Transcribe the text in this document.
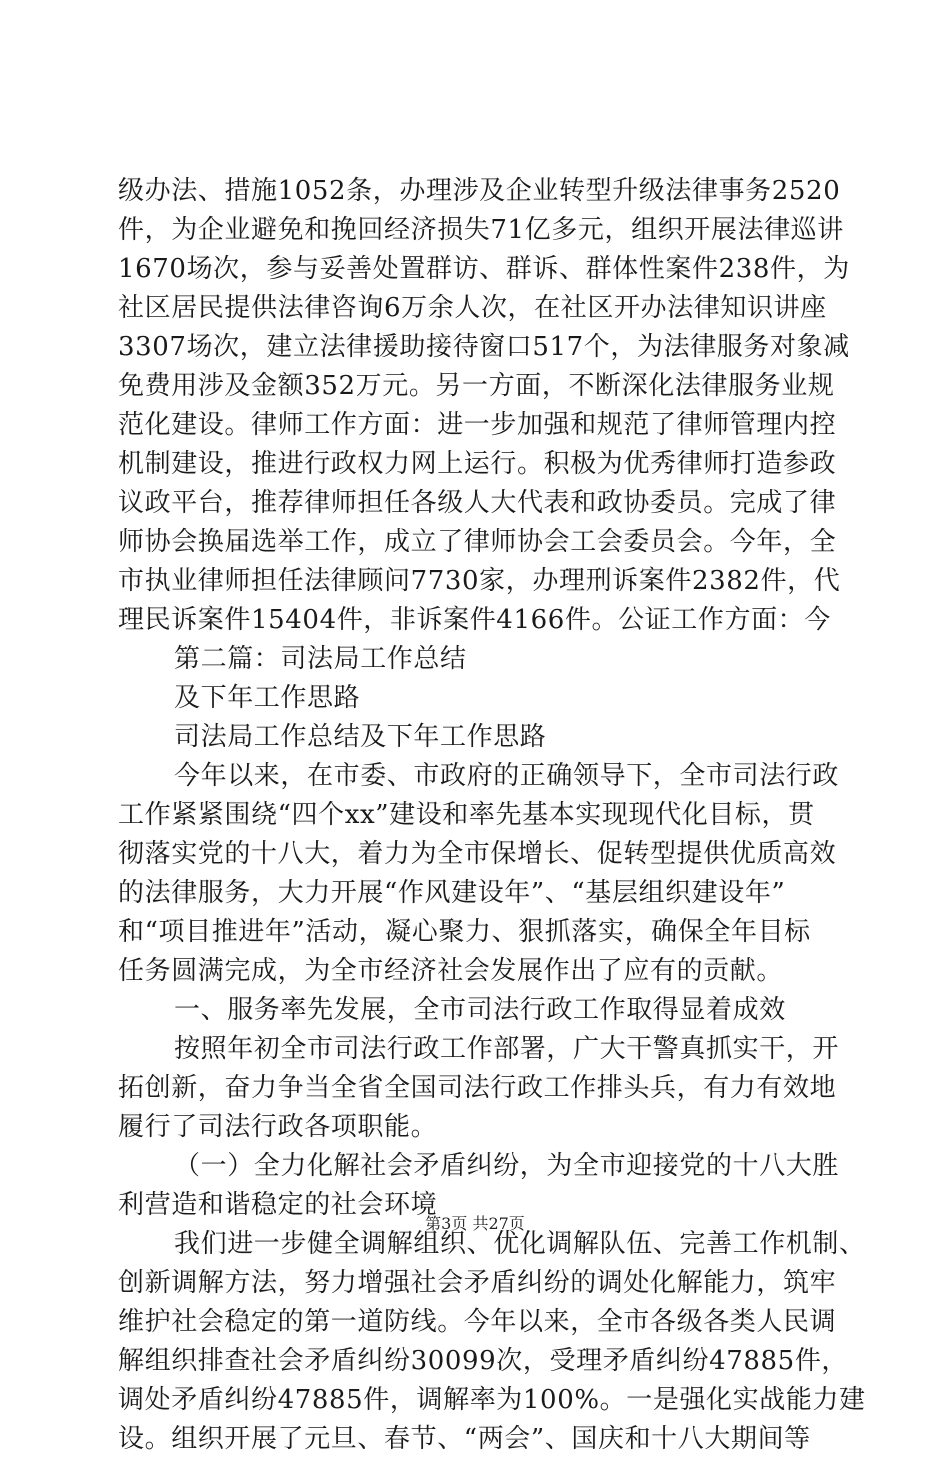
级办法、措施1052条，办理涉及企业转型升级法律事务2520
件，为企业避免和挽回经济损失71亿多元，组织开展法律巡讲
1670场次，参与妥善处置群访、群诉、群体性案件238件，为
社区居民提供法律咨询6万余人次，在社区开办法律知识讲座
3307场次，建立法律援助接待窗口517个，为法律服务对象减
免费用涉及金额352万元。另一方面，不断深化法律服务业规
范化建设。律师工作方面：进一步加强和规范了律师管理内控
机制建设，推进行政权力网上运行。积极为优秀律师打造参政
议政平台，推荐律师担任各级人大代表和政协委员。完成了律
师协会换届选举工作，成立了律师协会工会委员会。今年，全
市执业律师担任法律顾问7730家，办理刑诉案件2382件，代
理民诉案件15404件，非诉案件4166件。公证工作方面：今
第二篇：司法局工作总结
及下年工作思路
司法局工作总结及下年工作思路
今年以来，在市委、市政府的正确领导下，全市司法行政
工作紧紧围绕“四个xx”建设和率先基本实现现代化目标，贯
彻落实党的十八大，着力为全市保增长、促转型提供优质高效
的法律服务，大力开展“作风建设年”、“基层组织建设年”
和“项目推进年”活动，凝心聚力、狠抓落实，确保全年目标
任务圆满完成，为全市经济社会发展作出了应有的贡献。
一、服务率先发展，全市司法行政工作取得显着成效
按照年初全市司法行政工作部署，广大干警真抓实干，开
拓创新，奋力争当全省全国司法行政工作排头兵，有力有效地
履行了司法行政各项职能。
（一）全力化解社会矛盾纠纷，为全市迎接党的十八大胜
利营造和谐稳定的社会环境
我们进一步健全调解组织、优化调解队伍、完善工作机制、
创新调解方法，努力增强社会矛盾纠纷的调处化解能力，筑牢
维护社会稳定的第一道防线。今年以来，全市各级各类人民调
解组织排查社会矛盾纠纷30099次，受理矛盾纠纷47885件，
调处矛盾纠纷47885件，调解率为100%。一是强化实战能力建
设。组织开展了元旦、春节、“两会”、国庆和十八大期间等
第3页 共27页
